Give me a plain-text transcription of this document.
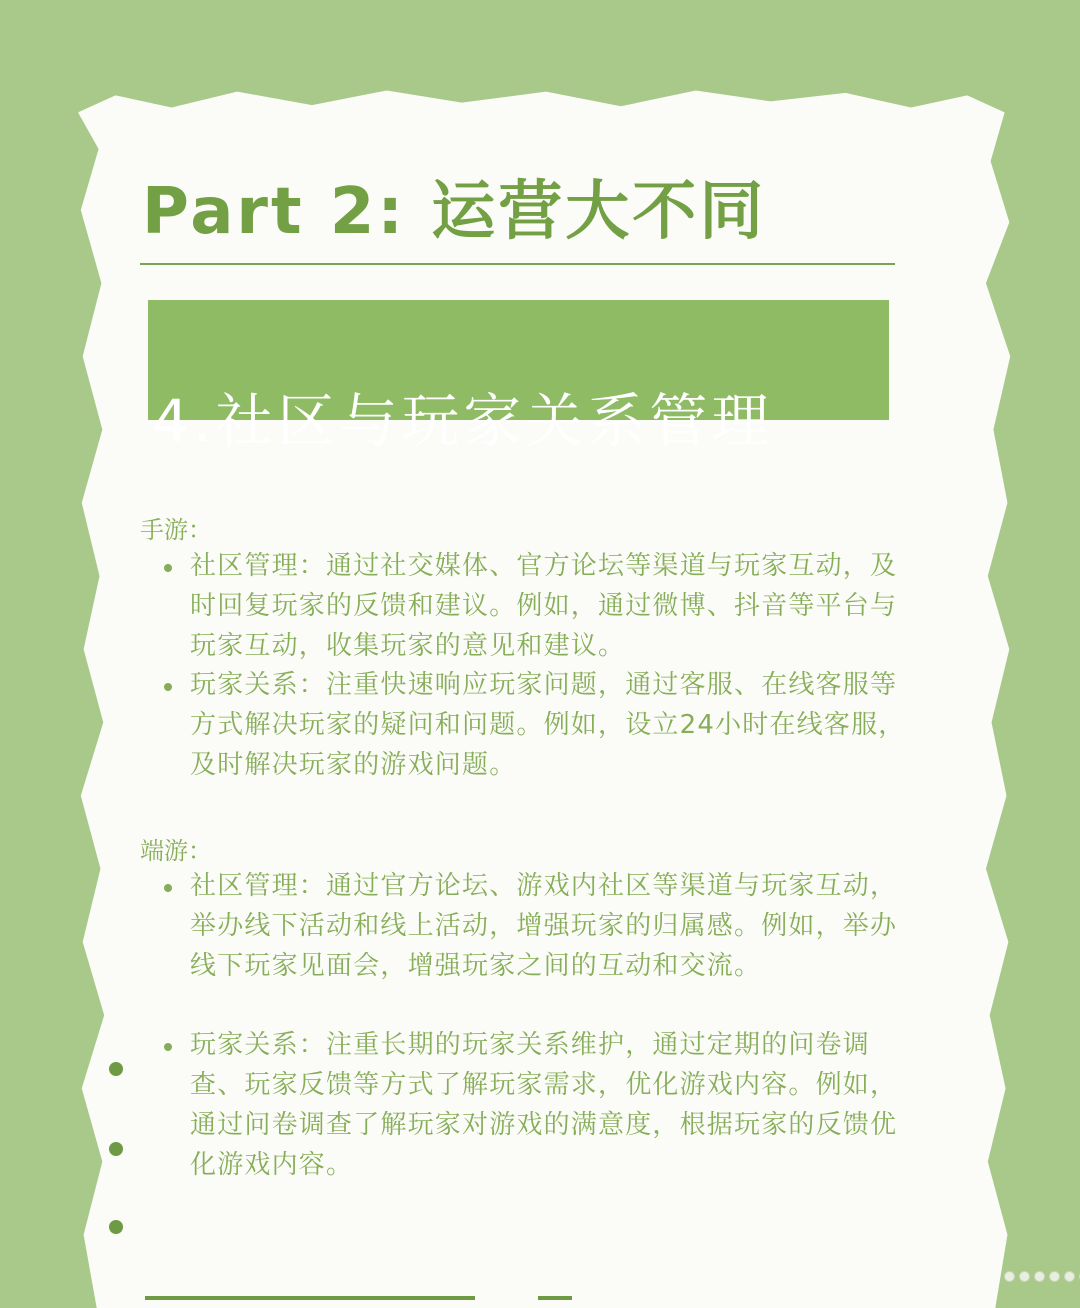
Part 2: 运营大不同
4.社区与玩家关系管理
手游：
社区管理：通过社交媒体、官方论坛等渠道与玩家互动，及时回复玩家的反馈和建议。例如，通过微博、抖音等平台与玩家互动，收集玩家的意见和建议。
玩家关系：注重快速响应玩家问题，通过客服、在线客服等方式解决玩家的疑问和问题。例如，设立24小时在线客服，及时解决玩家的游戏问题。
端游：
社区管理：通过官方论坛、游戏内社区等渠道与玩家互动，举办线下活动和线上活动，增强玩家的归属感。例如，举办线下玩家见面会，增强玩家之间的互动和交流。
玩家关系：注重长期的玩家关系维护，通过定期的问卷调查、玩家反馈等方式了解玩家需求，优化游戏内容。例如，通过问卷调查了解玩家对游戏的满意度，根据玩家的反馈优化游戏内容。
